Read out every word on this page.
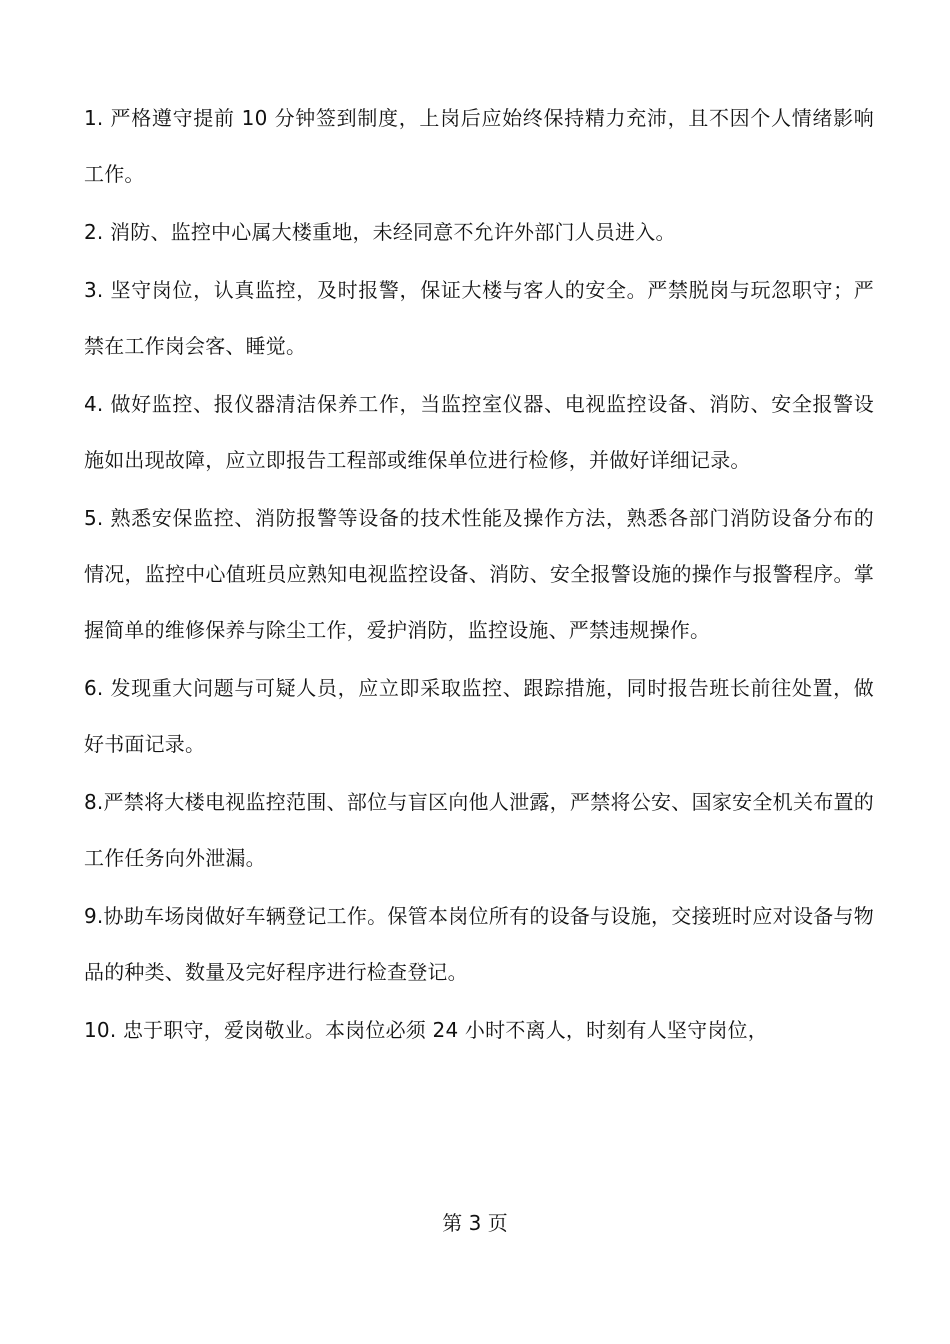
1. 严格遵守提前 10 分钟签到制度，上岗后应始终保持精力充沛，且不因个人情绪影响工作。

2. 消防、监控中心属大楼重地，未经同意不允许外部门人员进入。

3. 坚守岗位，认真监控，及时报警，保证大楼与客人的安全。严禁脱岗与玩忽职守；严禁在工作岗会客、睡觉。

4. 做好监控、报仪器清洁保养工作，当监控室仪器、电视监控设备、消防、安全报警设施如出现故障，应立即报告工程部或维保单位进行检修，并做好详细记录。

5. 熟悉安保监控、消防报警等设备的技术性能及操作方法，熟悉各部门消防设备分布的情况，监控中心值班员应熟知电视监控设备、消防、安全报警设施的操作与报警程序。掌握简单的维修保养与除尘工作，爱护消防，监控设施、严禁违规操作。

6. 发现重大问题与可疑人员，应立即采取监控、跟踪措施，同时报告班长前往处置，做好书面记录。

8.严禁将大楼电视监控范围、部位与盲区向他人泄露，严禁将公安、国家安全机关布置的工作任务向外泄漏。

9.协助车场岗做好车辆登记工作。保管本岗位所有的设备与设施，交接班时应对设备与物品的种类、数量及完好程序进行检查登记。

10. 忠于职守，爱岗敬业。本岗位必须 24 小时不离人，时刻有人坚守岗位，

第 3 页
